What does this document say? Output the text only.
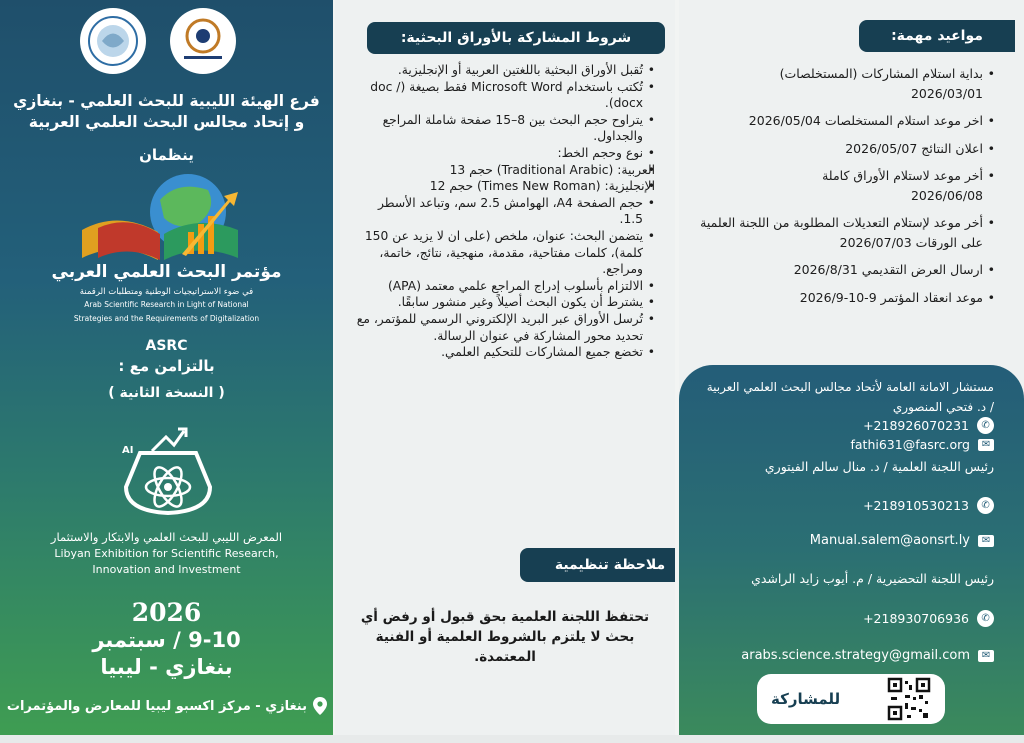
فرع الهيئة الليبية للبحث العلمي - بنغازي
و إتحاد مجالس البحث العلمي العربية
ينظمان
مؤتمر البحث العلمي العربي
في ضوء الاستراتيجيات الوطنية ومتطلبات الرقمنة
Arab Scientific Research in Light of National
Strategies and the Requirements of Digitalization
ASRC
بالتزامن مع :
( النسخة الثانية )
AI
المعرض الليبي للبحث العلمي والابتكار والاستثمار
Libyan Exhibition for Scientific Research,
Innovation and Investment
2026
9-10 / سبتمبر
بنغازي - ليبيا
بنغازي - مركز اكسبو ليبيا للمعارض والمؤتمرات
شروط المشاركة بالأوراق البحثية:
• تُقبل الأوراق البحثية باللغتين العربية أو الإنجليزية.
• تُكتب باستخدام Microsoft Word فقط بصيغة (doc / docx).
• يتراوح حجم البحث بين 8–15 صفحة شاملة المراجع والجداول.
• نوع وحجم الخط:
• العربية: (Traditional Arabic) حجم 13
• الإنجليزية: (Times New Roman) حجم 12
• حجم الصفحة A4، الهوامش 2.5 سم، وتباعد الأسطر 1.5.
• يتضمن البحث: عنوان، ملخص (على ان لا يزيد عن 150 كلمة)، كلمات مفتاحية، مقدمة، منهجية، نتائج، خاتمة، ومراجع.
• الالتزام بأسلوب إدراج المراجع علمي معتمد (APA)
• يشترط أن يكون البحث أصيلاً وغير منشور سابقًا.
• تُرسل الأوراق عبر البريد الإلكتروني الرسمي للمؤتمر، مع تحديد محور المشاركة في عنوان الرسالة.
• تخضع جميع المشاركات للتحكيم العلمي.
ملاحظة تنظيمية
تحتفظ اللجنة العلمية بحق قبول أو رفض أي بحث لا يلتزم بالشروط العلمية أو الفنية المعتمدة.
مواعيد مهمة:
• بداية استلام المشاركات (المستخلصات)
2026/03/01
• اخر موعد استلام المستخلصات 2026/05/04
• اعلان النتائج 2026/05/07
• أخر موعد لاستلام الأوراق كاملة
2026/06/08
• أخر موعد لإستلام التعديلات المطلوبة من اللجنة العلمية على الورقات 2026/07/03
• ارسال العرض التقديمي 2026/8/31
• موعد انعقاد المؤتمر 9-10-2026/9
مستشار الامانة العامة لأتحاد مجالس البحث العلمي العربية / د. فتحي المنصوري
✆
+218926070231
✉
fathi631@fasrc.org
رئيس اللجنة العلمية / د. منال سالم الفيتوري
✆
+218910530213
✉
Manual.salem@aonsrt.ly
رئيس اللجنة التحضيرية / م. أيوب زايد الراشدي
✆
+218930706936
✉
arabs.science.strategy@gmail.com
للمشاركة
